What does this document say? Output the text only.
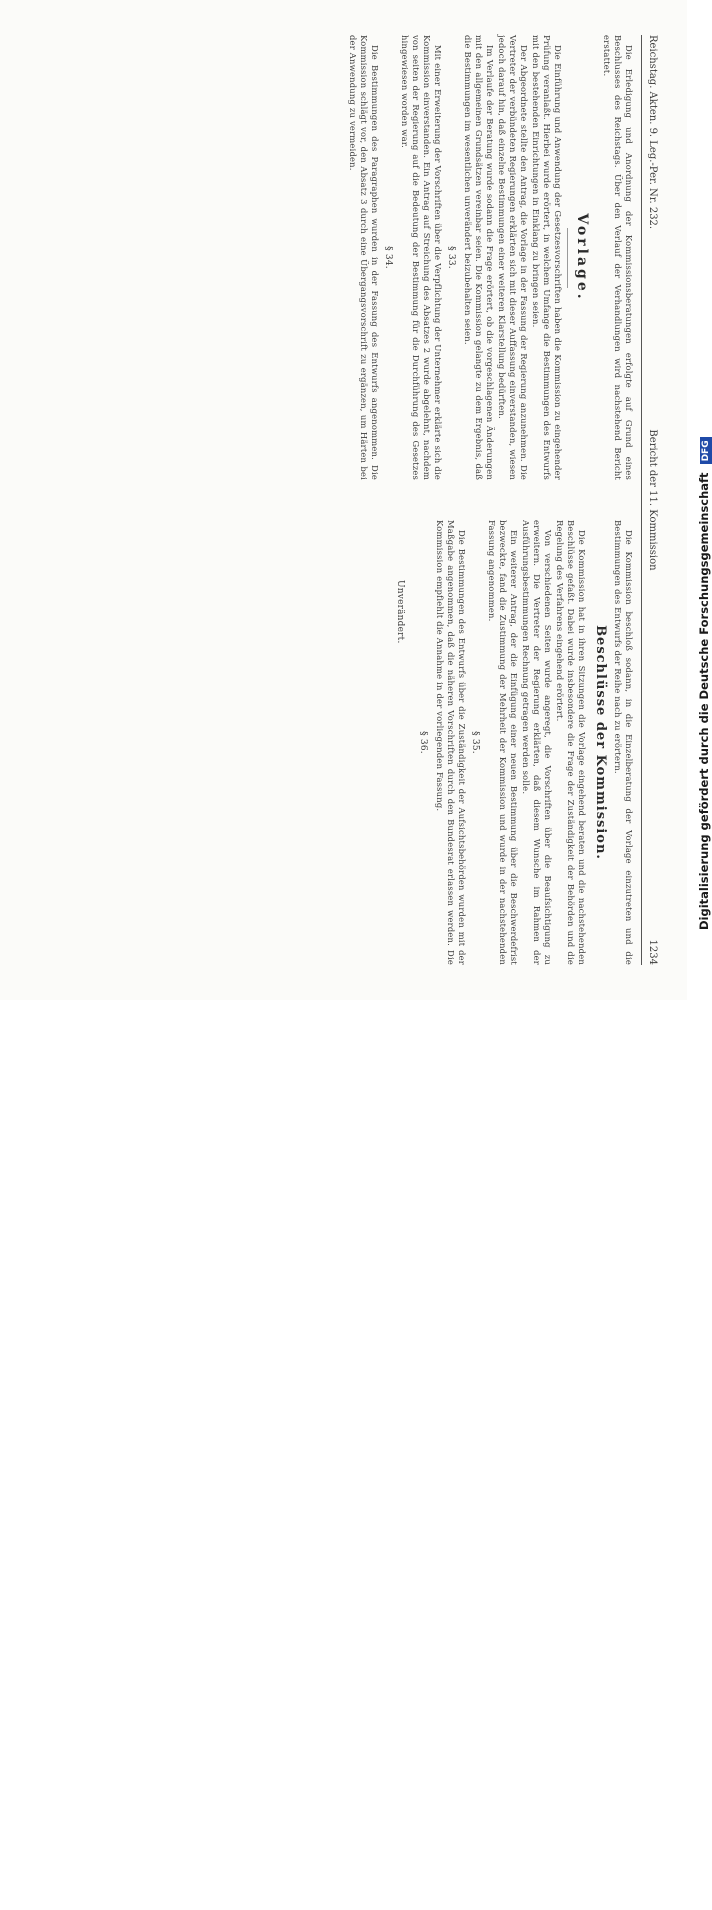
1234
Bericht der 11. Kommission
Reichstag. Akten. 9. Leg.-Per. Nr. 232.

Die Erledigung und Anordnung der Kommissionsberatungen erfolgte auf Grund eines Beschlusses des Reichstags. Über den Verlauf der Verhandlungen wird nachstehend Bericht erstattet.

Vorlage.

Die Einführung und Anwendung der Gesetzesvorschriften haben die Kommission zu eingehender Prüfung veranlaßt. Hierbei wurde erörtert, in welchem Umfange die Bestimmungen des Entwurfs mit den bestehenden Einrichtungen in Einklang zu bringen seien.

Der Abgeordnete stellte den Antrag, die Vorlage in der Fassung der Regierung anzunehmen. Die Vertreter der verbündeten Regierungen erklärten sich mit dieser Auffassung einverstanden, wiesen jedoch darauf hin, daß einzelne Bestimmungen einer weiteren Klarstellung bedürften.

Im Verlaufe der Beratung wurde sodann die Frage erörtert, ob die vorgeschlagenen Änderungen mit den allgemeinen Grundsätzen vereinbar seien. Die Kommission gelangte zu dem Ergebnis, daß die Bestimmungen im wesentlichen unverändert beizubehalten seien.

§ 33.

Mit einer Erweiterung der Vorschriften über die Verpflichtung der Unternehmer erklärte sich die Kommission einverstanden. Ein Antrag auf Streichung des Absatzes 2 wurde abgelehnt, nachdem von seiten der Regierung auf die Bedeutung der Bestimmung für die Durchführung des Gesetzes hingewiesen worden war.

§ 34.

Die Bestimmungen des Paragraphen wurden in der Fassung des Entwurfs angenommen. Die Kommission schlägt vor, den Absatz 3 durch eine Übergangsvorschrift zu ergänzen, um Härten bei der Anwendung zu vermeiden.

Die Kommission beschloß sodann, in die Einzelberatung der Vorlage einzutreten und die Bestimmungen des Entwurfs der Reihe nach zu erörtern.

Beschlüsse der Kommission.

Die Kommission hat in ihren Sitzungen die Vorlage eingehend beraten und die nachstehenden Beschlüsse gefaßt. Dabei wurde insbesondere die Frage der Zuständigkeit der Behörden und die Regelung des Verfahrens eingehend erörtert.

Von verschiedenen Seiten wurde angeregt, die Vorschriften über die Beaufsichtigung zu erweitern. Die Vertreter der Regierung erklärten, daß diesem Wunsche im Rahmen der Ausführungsbestimmungen Rechnung getragen werden solle.

Ein weiterer Antrag, der die Einfügung einer neuen Bestimmung über die Beschwerdefrist bezweckte, fand die Zustimmung der Mehrheit der Kommission und wurde in der nachstehenden Fassung angenommen.

§ 35.

Die Bestimmungen des Entwurfs über die Zuständigkeit der Aufsichtsbehörden wurden mit der Maßgabe angenommen, daß die näheren Vorschriften durch den Bundesrat erlassen werden. Die Kommission empfiehlt die Annahme in der vorliegenden Fassung.

§ 36.
Unverändert.	Digitalisierung gefördert durch die Deutsche Forschungsgemeinschaft DFG
